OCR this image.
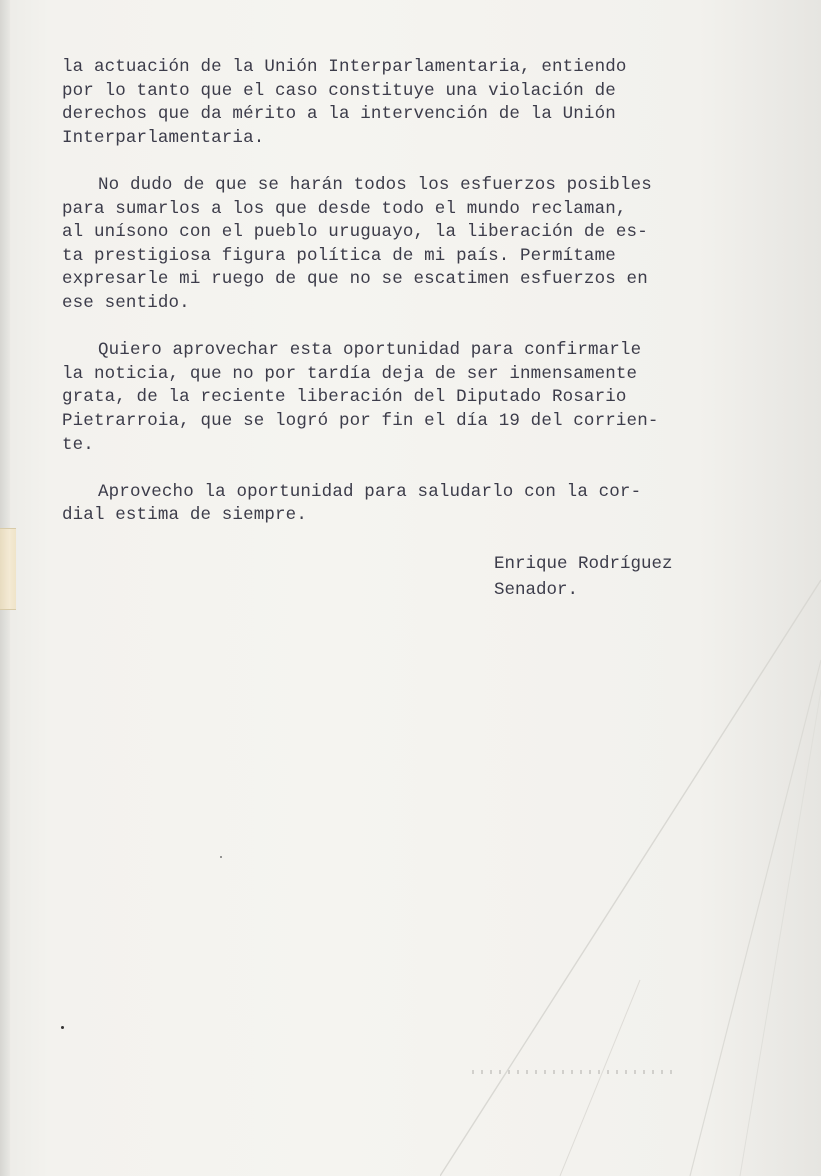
la actuación de la Unión Interparlamentaria, entiendo
por lo tanto que el caso constituye una violación de
derechos que da mérito a la intervención de la Unión
Interparlamentaria.
No dudo de que se harán todos los esfuerzos posibles
para sumarlos a los que desde todo el mundo reclaman,
al unísono con el pueblo uruguayo, la liberación de es-
ta prestigiosa figura política de mi país. Permítame
expresarle mi ruego de que no se escatimen esfuerzos en
ese sentido.
Quiero aprovechar esta oportunidad para confirmarle
la noticia, que no por tardía deja de ser inmensamente
grata, de la reciente liberación del Diputado Rosario
Pietrarroia, que se logró por fin el día 19 del corrien-
te.
Aprovecho la oportunidad para saludarlo con la cor-
dial estima de siempre.
Enrique Rodríguez
Senador.
